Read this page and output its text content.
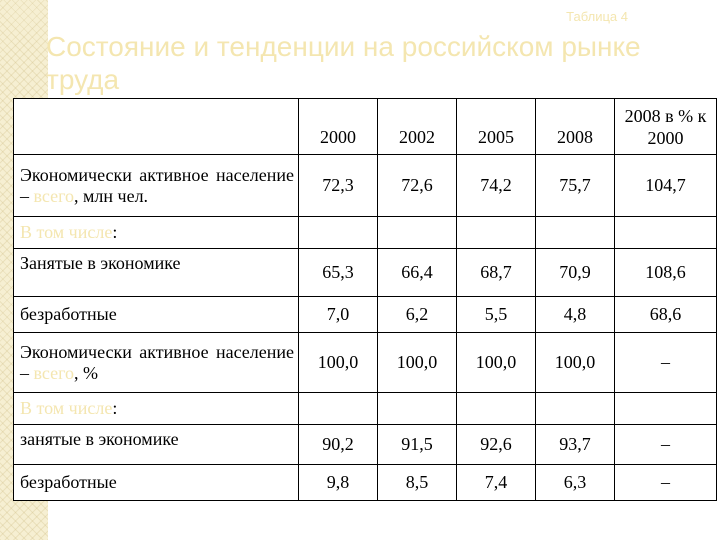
Таблица 4
Состояние и тенденции на российском рынке труда
	2000	2002	2005	2008	2008 в % к 2000
Экономически активное население – всего, млн чел.	72,3	72,6	74,2	75,7	104,7
В том числе:					
Занятые в экономике	65,3	66,4	68,7	70,9	108,6
безработные	7,0	6,2	5,5	4,8	68,6
Экономически активное население – всего, %	100,0	100,0	100,0	100,0	–
В том числе:					
занятые в экономике	90,2	91,5	92,6	93,7	–
безработные	9,8	8,5	7,4	6,3	–
